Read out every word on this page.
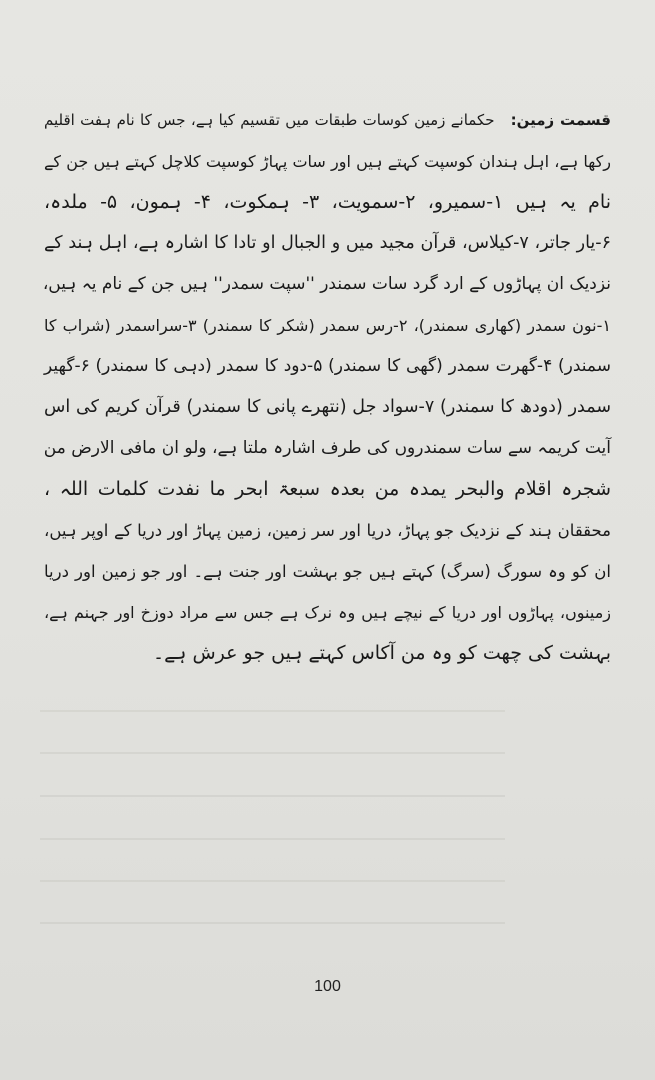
قسمت زمین:   حکمانے زمین کوسات طبقات میں تقسیم کیا ہے، جس کا نام ہفت اقلیم
رکھا ہے، اہل ہندان کوسپت کہتے ہیں اور سات پہاڑ کوسپت کلاچل کہتے ہیں جن کے
نام یہ ہیں ۱-سمیرو، ۲-سمویت، ۳- ہمکوت، ۴- ہمون، ۵- ملدہ،
۶-یار جاتر، ۷-کیلاس، قرآن مجید میں و الجبال او تادا کا اشارہ ہے، اہل ہند کے
نزدیک ان پہاڑوں کے ارد گرد سات سمندر ''سپت سمدر'' ہیں جن کے نام یہ ہیں،
۱-نون سمدر (کھاری سمندر)، ۲-رس سمدر (شکر کا سمندر) ۳-سراسمدر (شراب کا
سمندر) ۴-گھرت سمدر (گھی کا سمندر) ۵-دود کا سمدر (دہی کا سمندر) ۶-گھیر
سمدر (دودھ کا سمندر) ۷-سواد جل (نتھرے پانی کا سمندر) قرآن کریم کی اس
آیت کریمہ سے سات سمندروں کی طرف اشارہ ملتا ہے، ولو ان مافی الارض من
شجرہ اقلام والبحر یمدہ من بعدہ سبعۃ ابحر ما نفدت کلمات اللہ ،
محققان ہند کے نزدیک جو پہاڑ، دریا اور سر زمین، زمین پہاڑ اور دریا کے اوپر ہیں،
ان کو وہ سورگ (سرگ) کہتے ہیں جو بہشت اور جنت ہے۔ اور جو زمین اور دریا
زمینوں، پہاڑوں اور دریا کے نیچے ہیں وہ نرک ہے جس سے مراد دوزخ اور جہنم ہے،
بہشت کی چھت کو وہ من آکاس کہتے ہیں جو عرش ہے۔
100
